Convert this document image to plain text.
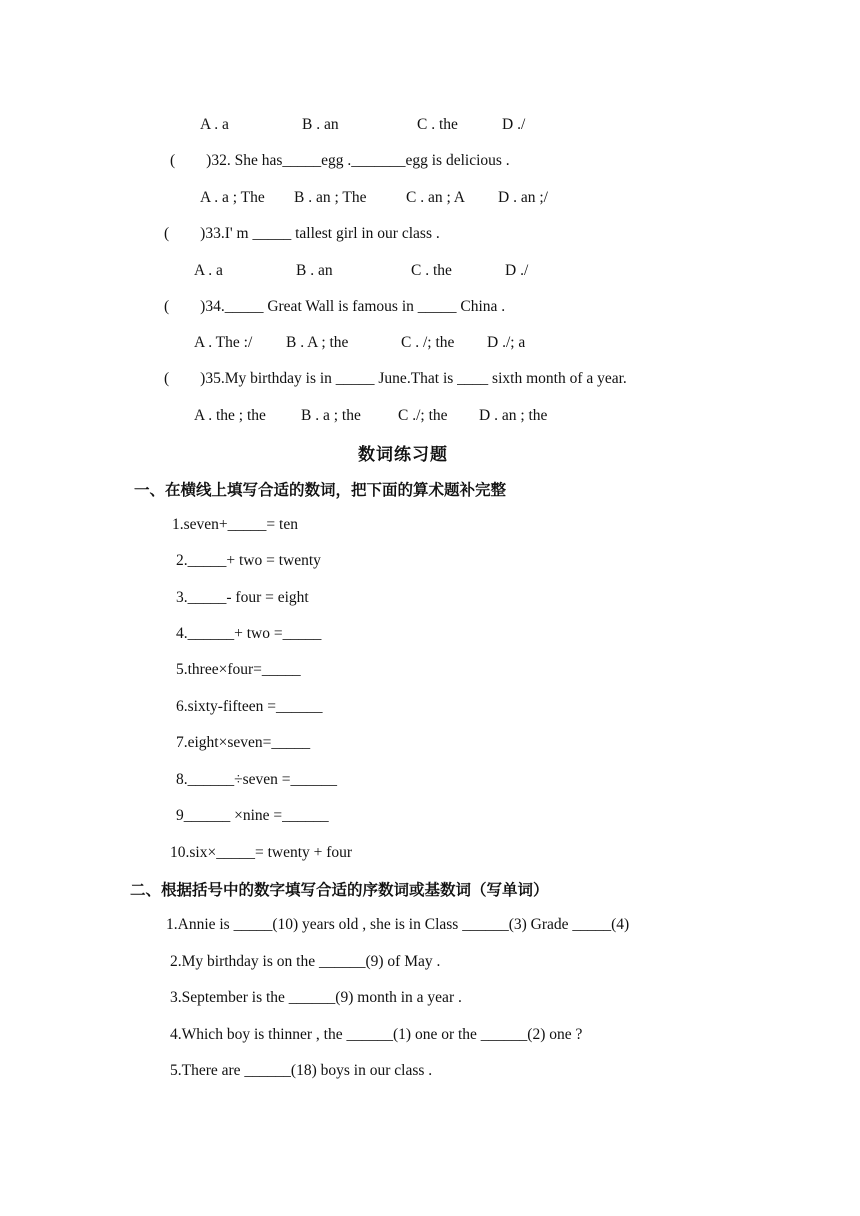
A . a	B . an	C . the	D ./
(        )32. She has_____egg ._______egg is delicious .
A . a ; The B . an ; The	C . an ; A D . an ;/
(        )33.I' m _____ tallest girl in our class .
A . a	B . an	C . the	D ./
(        )34._____ Great Wall is famous in _____ China .
A . The :/ B . A ; the	C . /; the D ./; a
(        )35.My birthday is in _____ June.That is ____ sixth month of a year.
A . the ; the B . a ; the C ./; the D . an ; the
数词练习题
一、在横线上填写合适的数词，把下面的算术题补完整
1.seven+_____= ten
2._____+ two = twenty
3._____- four = eight
4.______+ two =_____
5.three×four=_____
6.sixty-fifteen =______
7.eight×seven=_____
8.______÷seven =______
9______ ×nine =______
10.six×_____= twenty + four
二、根据括号中的数字填写合适的序数词或基数词（写单词）
1.Annie is _____(10) years old , she is in Class ______(3) Grade _____(4)
2.My birthday is on the ______(9) of May .
3.September is the ______(9) month in a year .
4.Which boy is thinner , the ______(1) one or the ______(2) one ?
5.There are ______(18) boys in our class .
